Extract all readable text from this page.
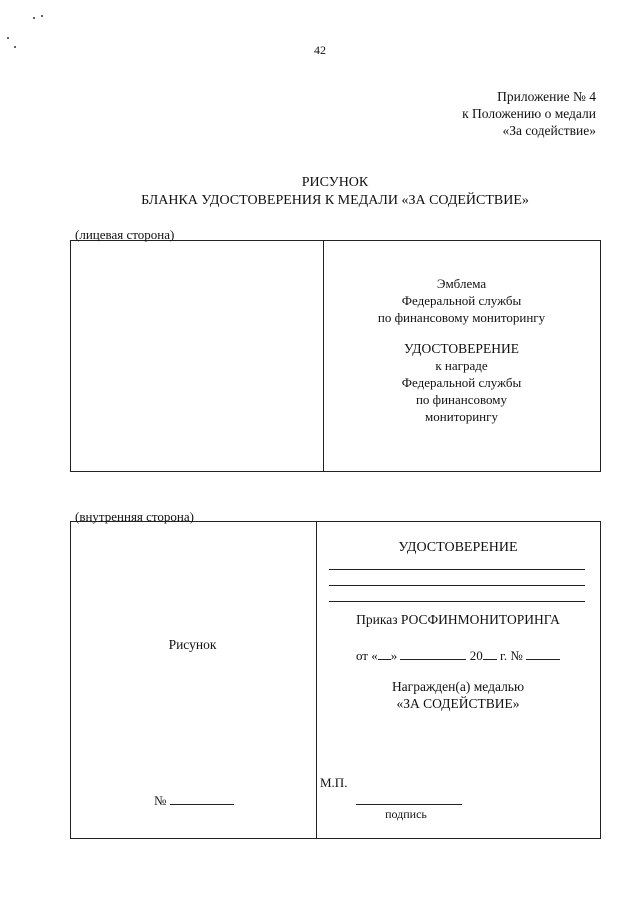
42
Приложение № 4
к Положению о медали
«За содействие»
РИСУНОК
БЛАНКА УДОСТОВЕРЕНИЯ К МЕДАЛИ «ЗА СОДЕЙСТВИЕ»
(лицевая сторона)
Эмблема
Федеральной службы
по финансовому мониторингу
УДОСТОВЕРЕНИЕ
к награде
Федеральной службы
по финансовому
мониторингу
(внутренняя сторона)
Рисунок
№
УДОСТОВЕРЕНИЕ
Приказ РОСФИНМОНИТОРИНГА
от « »	20 г. №
Награжден(а) медалью
«ЗА СОДЕЙСТВИЕ»
М.П.
подпись
